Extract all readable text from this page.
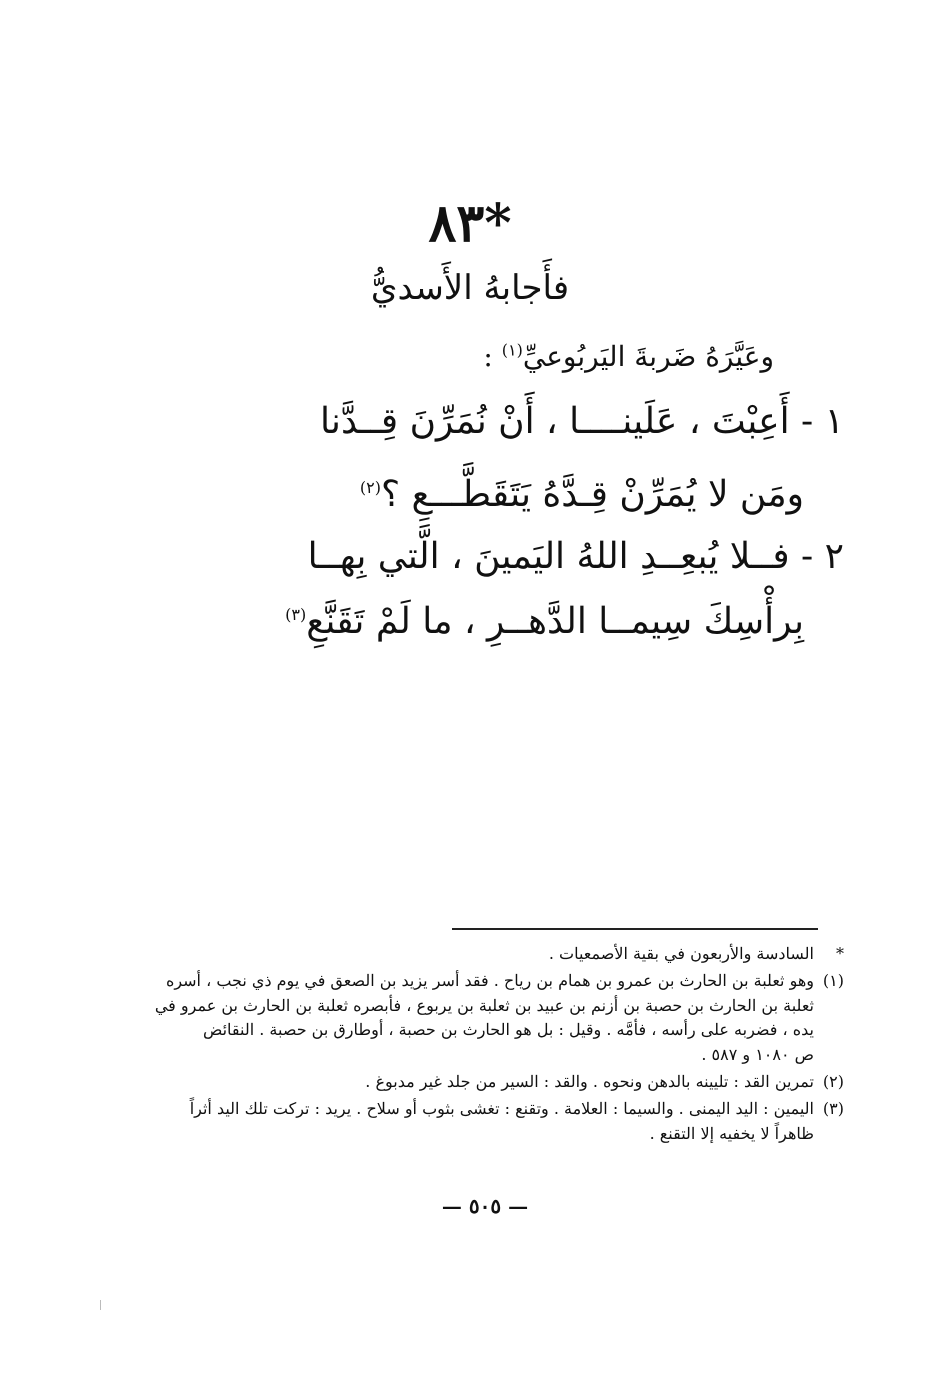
*٨٣
فأَجابهُ الأَسديُّ
وعَيَّرَهُ ضَربةَ اليَربُوعيِّ$^{(١)}$ :
١ - أَعِبْتَ ، عَلَينــــا ، أَنْ نُمَرِّنَ قِــدَّنا
ومَن لا يُمَرِّنْ قِـدَّهُ يَتَقَطَّـــعِ ؟$^{(٢)}$
٢ - فــلا يُبعِــدِ اللهُ اليَمينَ ، الَّتي بِهــا
بِرأْسِكَ سِيمــا الدَّهــرِ ، ما لَمْ تَقَنَّعِ$^{(٣)}$
*
السادسة والأربعون في بقية الأصمعيات .
(١)
وهو ثعلبة بن الحارث بن عمرو بن همام بن رياح . فقد أسر يزيد بن الصعق في يوم ذي نجب ، أسره
ثعلبة بن الحارث بن حصبة بن أزنم بن عبيد بن ثعلبة بن يربوع ، فأبصره ثعلبة بن الحارث بن عمرو في
يده ، فضربه على رأسه ، فأمَّه . وقيل : بل هو الحارث بن حصبة ، أوطارق بن حصبة . النقائض
ص ١٠٨٠ و ٥٨٧ .
(٢)
تمرين القد : تليينه بالدهن ونحوه . والقد : السير من جلد غير مدبوغ .
(٣)
اليمين : اليد اليمنى . والسيما : العلامة . وتقنع : تغشى بثوب أو سلاح . يريد : تركت تلك اليد أثراً
ظاهراً لا يخفيه إلا التقنع .
— ٥٠٥ —
